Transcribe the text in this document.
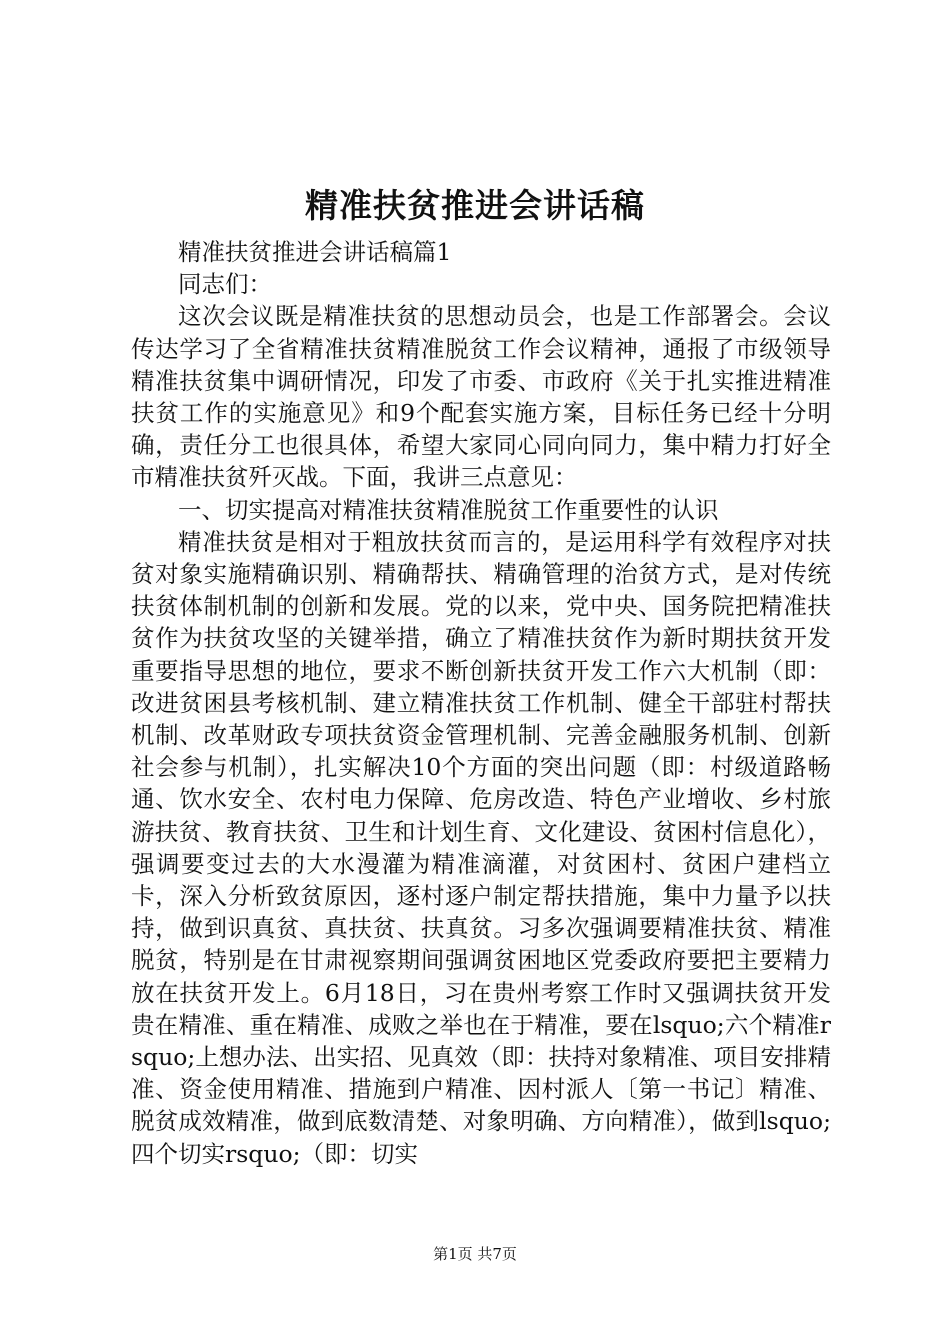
精准扶贫推进会讲话稿

精准扶贫推进会讲话稿篇1

同志们：

这次会议既是精准扶贫的思想动员会，也是工作部署会。会议传达学习了全省精准扶贫精准脱贫工作会议精神，通报了市级领导精准扶贫集中调研情况，印发了市委、市政府《关于扎实推进精准扶贫工作的实施意见》和9个配套实施方案，目标任务已经十分明确，责任分工也很具体，希望大家同心同向同力，集中精力打好全市精准扶贫歼灭战。下面，我讲三点意见：

一、切实提高对精准扶贫精准脱贫工作重要性的认识

精准扶贫是相对于粗放扶贫而言的，是运用科学有效程序对扶贫对象实施精确识别、精确帮扶、精确管理的治贫方式，是对传统扶贫体制机制的创新和发展。党的以来，党中央、国务院把精准扶贫作为扶贫攻坚的关键举措，确立了精准扶贫作为新时期扶贫开发重要指导思想的地位，要求不断创新扶贫开发工作六大机制（即：改进贫困县考核机制、建立精准扶贫工作机制、健全干部驻村帮扶机制、改革财政专项扶贫资金管理机制、完善金融服务机制、创新社会参与机制），扎实解决10个方面的突出问题（即：村级道路畅通、饮水安全、农村电力保障、危房改造、特色产业增收、乡村旅游扶贫、教育扶贫、卫生和计划生育、文化建设、贫困村信息化），强调要变过去的大水漫灌为精准滴灌，对贫困村、贫困户建档立卡，深入分析致贫原因，逐村逐户制定帮扶措施，集中力量予以扶持，做到识真贫、真扶贫、扶真贫。习多次强调要精准扶贫、精准脱贫，特别是在甘肃视察期间强调贫困地区党委政府要把主要精力放在扶贫开发上。6月18日，习在贵州考察工作时又强调扶贫开发贵在精准、重在精准、成败之举也在于精准，要在lsquo;六个精准rsquo;上想办法、出实招、见真效（即：扶持对象精准、项目安排精准、资金使用精准、措施到户精准、因村派人〔第一书记〕精准、脱贫成效精准，做到底数清楚、对象明确、方向精准），做到lsquo;四个切实rsquo;（即：切实

第1页 共7页
